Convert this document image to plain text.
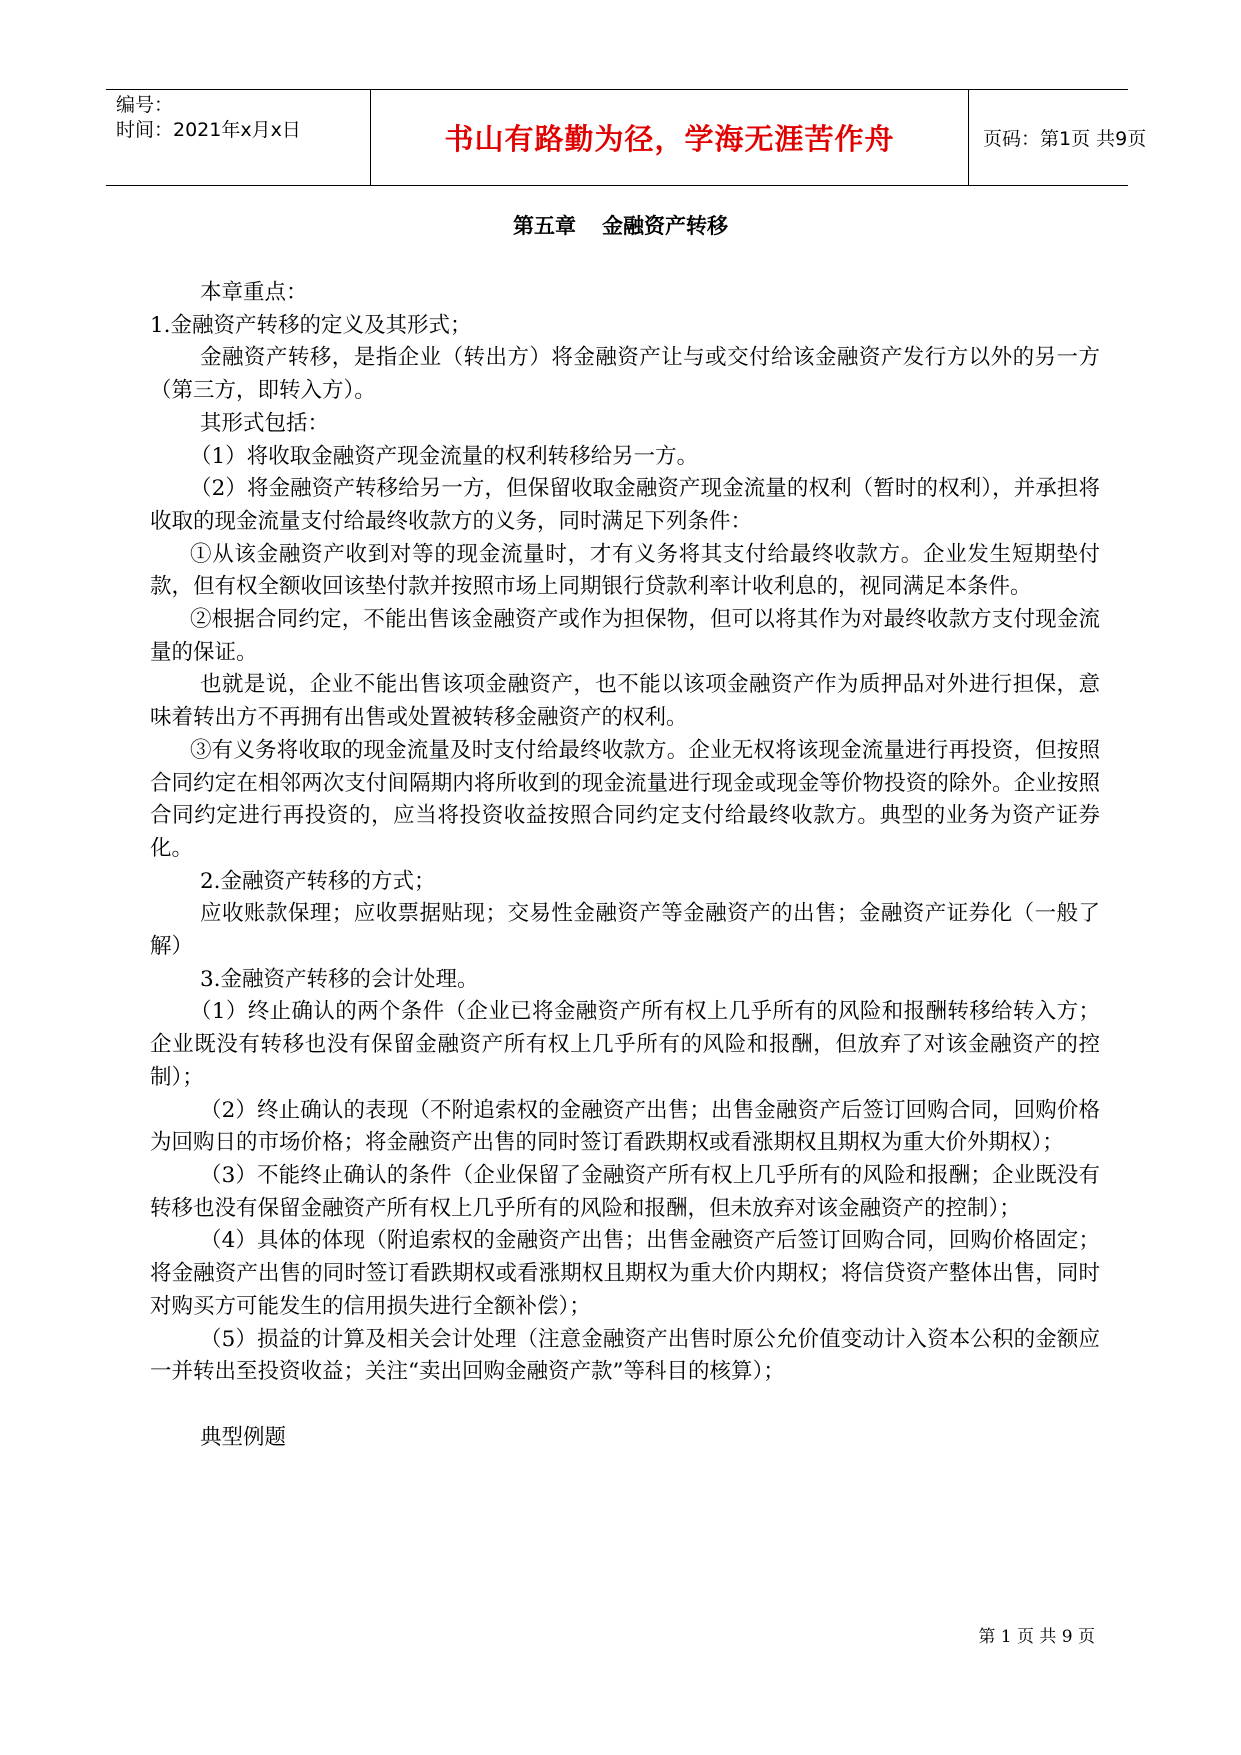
编号：
时间：2021年x月x日	书山有路勤为径，学海无涯苦作舟	页码：第1页 共9页
第五章 金融资产转移

本章重点：

1.金融资产转移的定义及其形式；

金融资产转移，是指企业（转出方）将金融资产让与或交付给该金融资产发行方以外的另一方（第三方，即转入方）。

其形式包括：

（1）将收取金融资产现金流量的权利转移给另一方。

（2）将金融资产转移给另一方，但保留收取金融资产现金流量的权利（暂时的权利），并承担将收取的现金流量支付给最终收款方的义务，同时满足下列条件：

①从该金融资产收到对等的现金流量时，才有义务将其支付给最终收款方。企业发生短期垫付款，但有权全额收回该垫付款并按照市场上同期银行贷款利率计收利息的，视同满足本条件。

②根据合同约定，不能出售该金融资产或作为担保物，但可以将其作为对最终收款方支付现金流量的保证。

也就是说，企业不能出售该项金融资产，也不能以该项金融资产作为质押品对外进行担保，意味着转出方不再拥有出售或处置被转移金融资产的权利。

③有义务将收取的现金流量及时支付给最终收款方。企业无权将该现金流量进行再投资，但按照合同约定在相邻两次支付间隔期内将所收到的现金流量进行现金或现金等价物投资的除外。企业按照合同约定进行再投资的，应当将投资收益按照合同约定支付给最终收款方。典型的业务为资产证券化。

2.金融资产转移的方式；

应收账款保理；应收票据贴现；交易性金融资产等金融资产的出售；金融资产证券化（一般了解）

3.金融资产转移的会计处理。

（1）终止确认的两个条件（企业已将金融资产所有权上几乎所有的风险和报酬转移给转入方；企业既没有转移也没有保留金融资产所有权上几乎所有的风险和报酬，但放弃了对该金融资产的控制）；

（2）终止确认的表现（不附追索权的金融资产出售；出售金融资产后签订回购合同，回购价格为回购日的市场价格；将金融资产出售的同时签订看跌期权或看涨期权且期权为重大价外期权）；

（3）不能终止确认的条件（企业保留了金融资产所有权上几乎所有的风险和报酬；企业既没有转移也没有保留金融资产所有权上几乎所有的风险和报酬，但未放弃对该金融资产的控制）；

（4）具体的体现（附追索权的金融资产出售；出售金融资产后签订回购合同，回购价格固定；将金融资产出售的同时签订看跌期权或看涨期权且期权为重大价内期权；将信贷资产整体出售，同时对购买方可能发生的信用损失进行全额补偿）；

（5）损益的计算及相关会计处理（注意金融资产出售时原公允价值变动计入资本公积的金额应一并转出至投资收益；关注“卖出回购金融资产款”等科目的核算）；

典型例题

第 1 页 共 9 页
